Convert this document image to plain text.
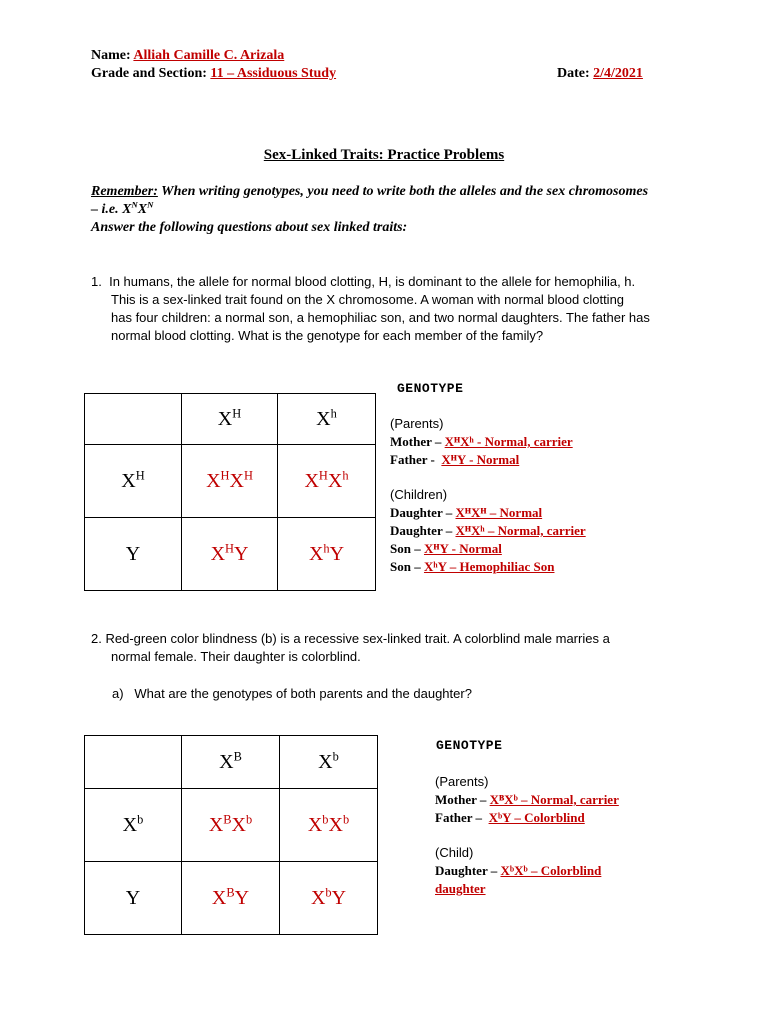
Name: Alliah Camille C. Arizala
Grade and Section: 11 – Assiduous Study	Date: 2/4/2021
Sex-Linked Traits: Practice Problems
Remember: When writing genotypes, you need to write both the alleles and the sex chromosomes – i.e. $X^NX^N$
Answer the following questions about sex linked traits:
1. In humans, the allele for normal blood clotting, H, is dominant to the allele for hemophilia, h.
This is a sex-linked trait found on the X chromosome. A woman with normal blood clotting
has four children: a normal son, a hemophiliac son, and two normal daughters. The father has
normal blood clotting. What is the genotype for each member of the family?
	$X^H$	$X^h$
$X^H$	$X^HX^H$	$X^HX^h$
Y	$X^HY$	$X^hY$
GENOTYPE
(Parents)
Mother – XᴴXʰ - Normal, carrier
Father - XᴴY - Normal
(Children)
Daughter – XᴴXᴴ – Normal
Daughter – XᴴXʰ – Normal, carrier
Son – XᴴY - Normal
Son – XʰY – Hemophiliac Son
2. Red-green color blindness (b) is a recessive sex-linked trait. A colorblind male marries a
normal female. Their daughter is colorblind.
a) What are the genotypes of both parents and the daughter?
	$X^B$	$X^b$
$X^b$	$X^BX^b$	$X^bX^b$
Y	$X^BY$	$X^bY$
GENOTYPE
(Parents)
Mother – XᴮXᵇ – Normal, carrier
Father – XᵇY – Colorblind
(Child)
Daughter – XᵇXᵇ – Colorblind
daughter
